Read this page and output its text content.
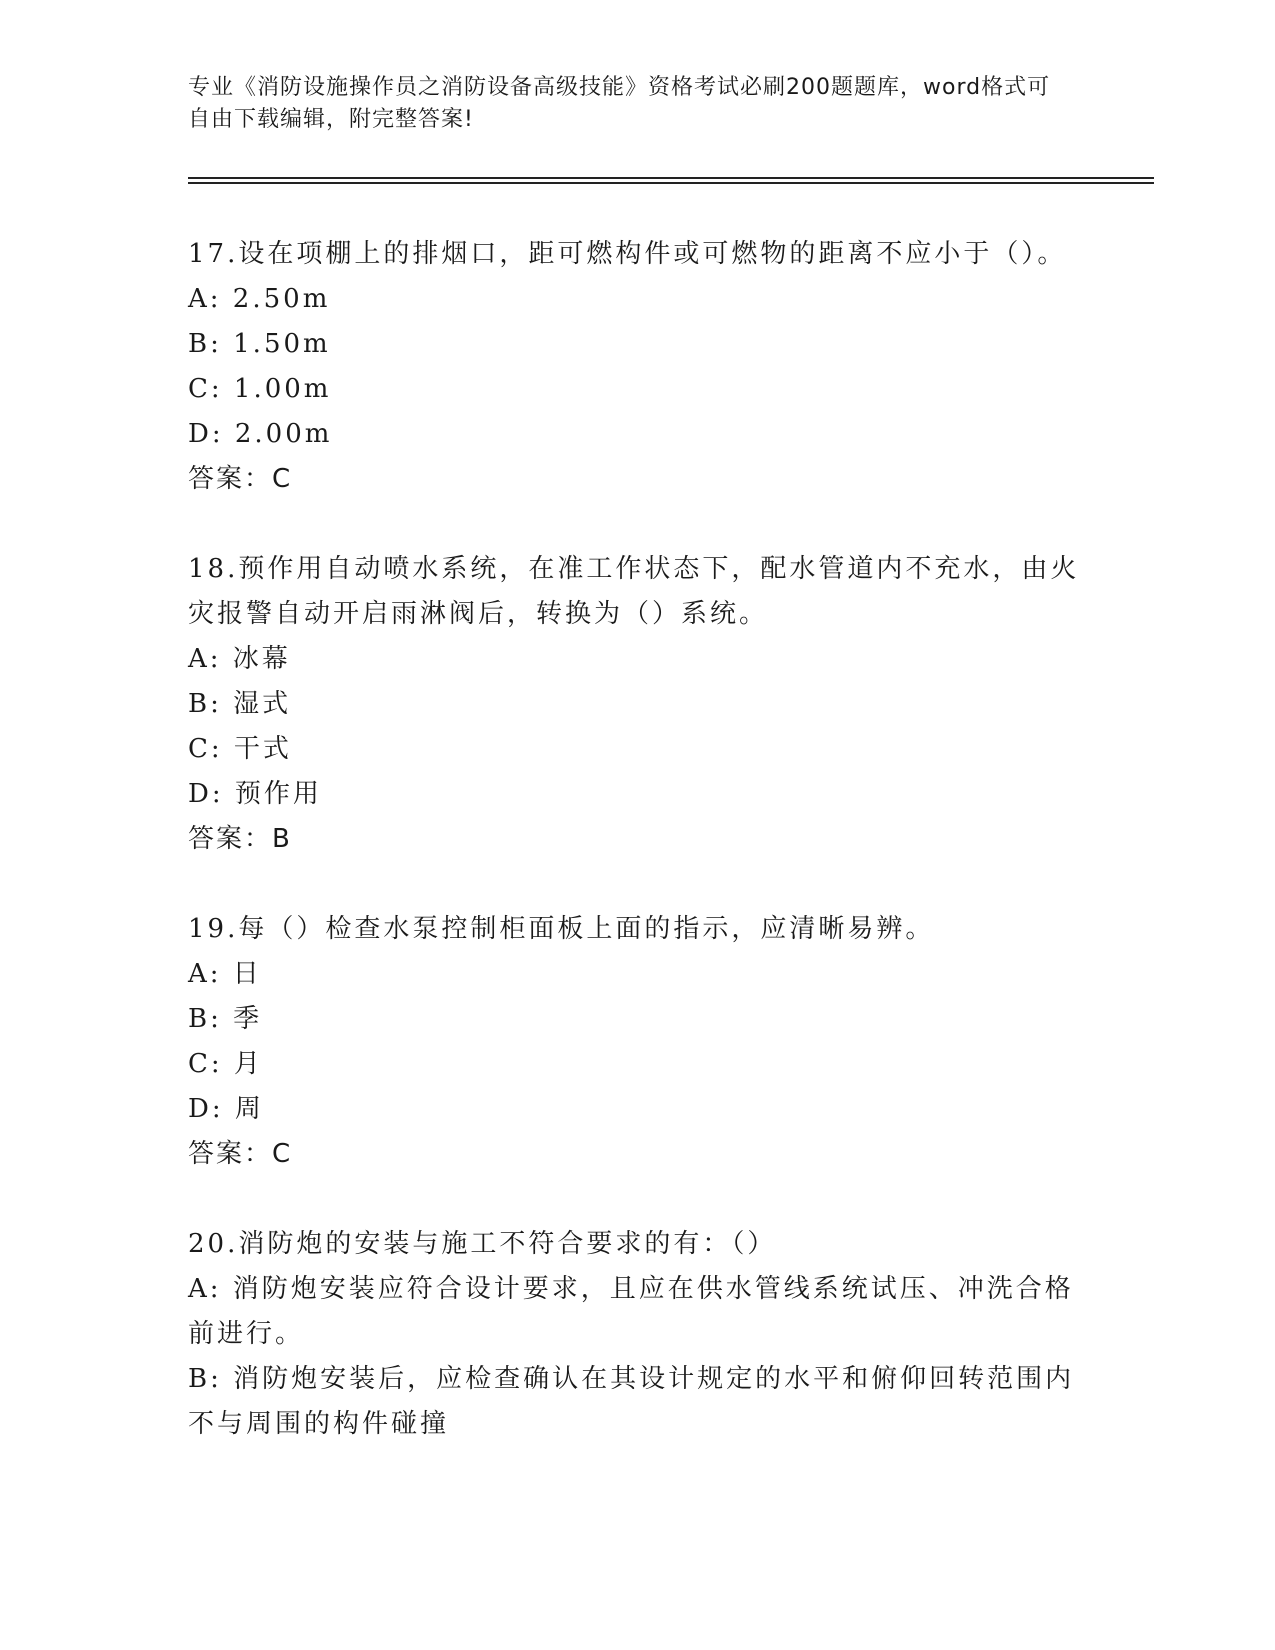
专业《消防设施操作员之消防设备高级技能》资格考试必刷200题题库，word格式可自由下载编辑，附完整答案!

17.设在项棚上的排烟口，距可燃构件或可燃物的距离不应小于（）。

A: 2.50m

B: 1.50m

C: 1.00m

D: 2.00m

答案：C

18.预作用自动喷水系统，在准工作状态下，配水管道内不充水，由火灾报警自动开启雨淋阀后，转换为（）系统。

A: 冰幕

B: 湿式

C: 干式

D: 预作用

答案：B

19.每（）检查水泵控制柜面板上面的指示，应清晰易辨。

A: 日

B: 季

C: 月

D: 周

答案：C

20.消防炮的安装与施工不符合要求的有：（）

A: 消防炮安装应符合设计要求，且应在供水管线系统试压、冲洗合格前进行。

B: 消防炮安装后，应检查确认在其设计规定的水平和俯仰回转范围内不与周围的构件碰撞
